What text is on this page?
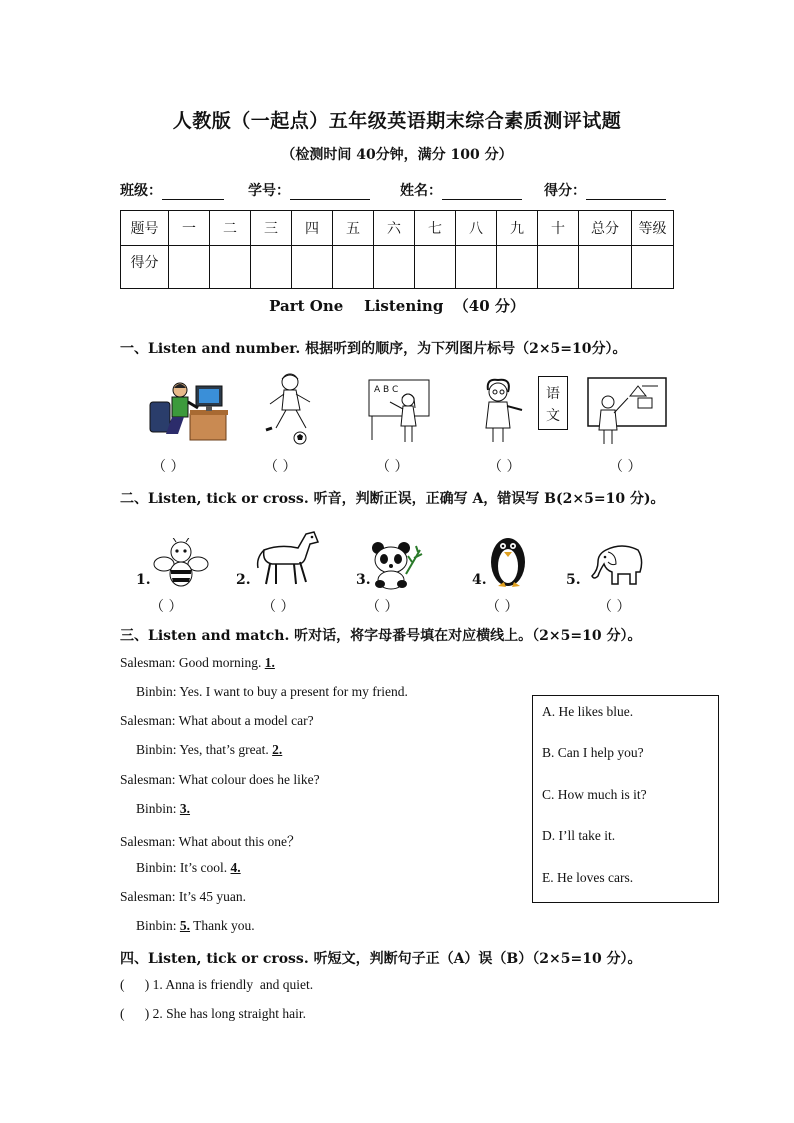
人教版（一起点）五年级英语期末综合素质测评试题
（检测时间 40分钟，满分 100 分）
班级：	学号：	姓名：	得分：
题号	一	二	三	四	五	六	七	八	九	十	总分	等级
得分												
Part One    Listening  （40 分）
一、Listen and number. 根据听到的顺序，为下列图片标号（2×5=10分）。
A B C	语
文
（ ）	（ ）	（ ）	（ ）	（ ）
二、Listen, tick or cross. 听音，判断正误，正确写 A，错误写 B(2×5=10 分)。
1.	2.	3.	4.	5.
（ ）	（ ）	（ ）	（ ）	（ ）
三、Listen and match. 听对话，将字母番号填在对应横线上。（2×5=10 分）。
Salesman: Good morning. 1.
Binbin: Yes. I want to buy a present for my friend.
Salesman: What about a model car?
Binbin: Yes, that’s great. 2.
Salesman: What colour does he like?
Binbin: 3.
Salesman: What about this one？
Binbin: It’s cool. 4.
Salesman: It’s 45 yuan.
Binbin: 5. Thank you.
A. He likes blue.
B. Can I help you?
C. How much is it?
D. I’ll take it.
E. He loves cars.
四、Listen, tick or cross. 听短文，判断句子正（A）误（B）（2×5=10 分）。
(      ) 1. Anna is friendly  and quiet.
(      ) 2. She has long straight hair.
